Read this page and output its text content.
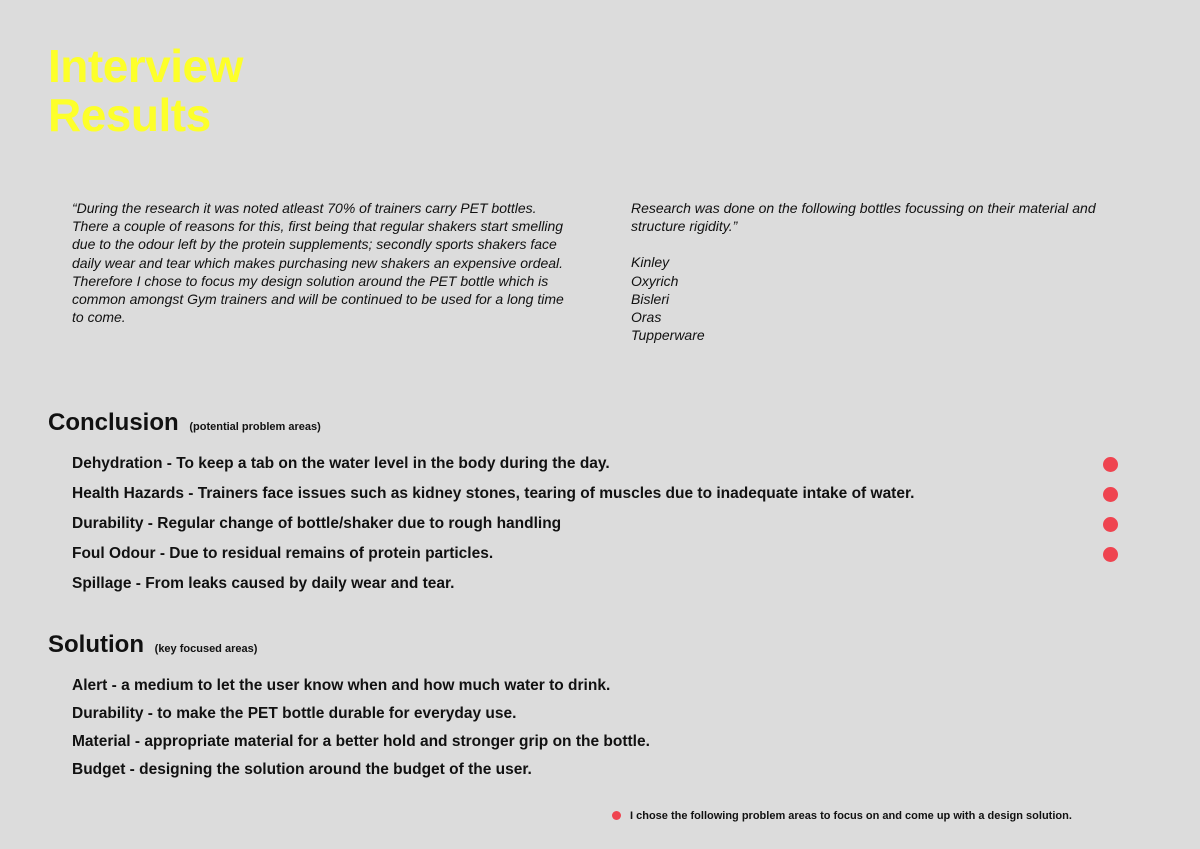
Interview
Results

“During the research it was noted atleast 70% of trainers carry PET bottles. There a couple of reasons for this, first being that regular shakers start smelling due to the odour left by the protein supplements; secondly sports shakers face daily wear and tear which makes purchasing new shakers an expensive ordeal. Therefore I chose to focus my design solution around the PET bottle which is common amongst Gym trainers and will be continued to be used for a long time to come.

Research was done on the following bottles focussing on their material and structure rigidity.”

Kinley
Oxyrich
Bisleri
Oras
Tupperware
Conclusion (potential problem areas)
Dehydration - To keep a tab on the water level in the body during the day.
Health Hazards - Trainers face issues such as kidney stones, tearing of muscles due to inadequate intake of water.
Durability - Regular change of bottle/shaker due to rough handling
Foul Odour - Due to residual remains of protein particles.
Spillage - From leaks caused by daily wear and tear.
Solution (key focused areas)
Alert - a medium to let the user know when and how much water to drink.
Durability - to make the PET bottle durable for everyday use.
Material - appropriate material for a better hold and stronger grip on the bottle.
Budget - designing the solution around the budget of the user.
I chose the following problem areas to focus on and come up with a design solution.
